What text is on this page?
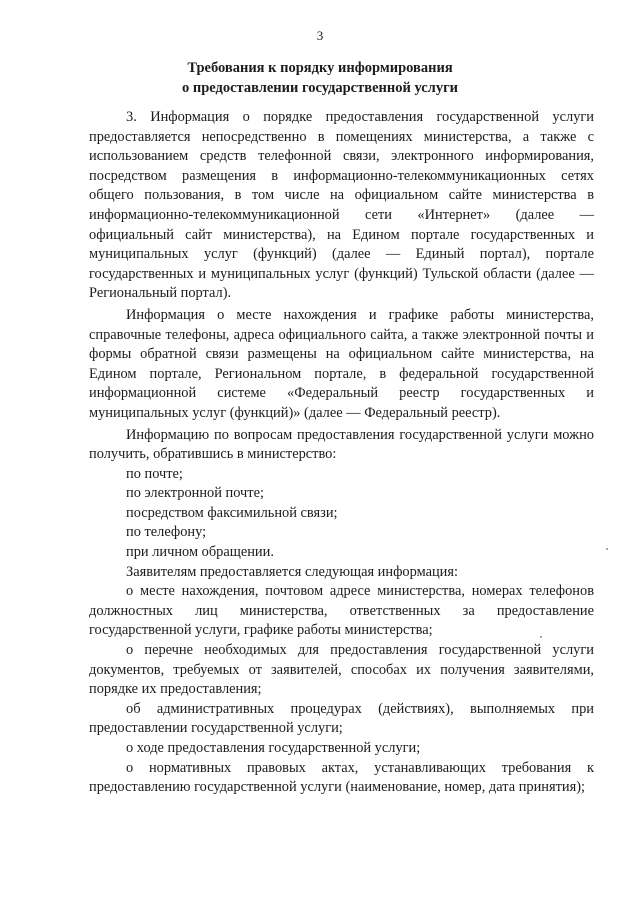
3
Требования к порядку информирования
о предоставлении государственной услуги

3. Информация о порядке предоставления государственной услуги предоставляется непосредственно в помещениях министерства, а также с использованием средств телефонной связи, электронного информирования, посредством размещения в информационно-телекоммуникационных сетях общего пользования, в том числе на официальном сайте министерства в информационно-телекоммуникационной сети «Интернет» (далее — официальный сайт министерства), на Едином портале государственных и муниципальных услуг (функций) (далее — Единый портал), портале государственных и муниципальных услуг (функций) Тульской области (далее — Региональный портал).

Информация о месте нахождения и графике работы министерства, справочные телефоны, адреса официального сайта, а также электронной почты и формы обратной связи размещены на официальном сайте министерства, на Едином портале, Региональном портале, в федеральной государственной информационной системе «Федеральный реестр государственных и муниципальных услуг (функций)» (далее — Федеральный реестр).

Информацию по вопросам предоставления государственной услуги можно получить, обратившись в министерство:

по почте;

по электронной почте;

посредством факсимильной связи;

по телефону;

при личном обращении.

Заявителям предоставляется следующая информация:

о месте нахождения, почтовом адресе министерства, номерах телефонов должностных лиц министерства, ответственных за предоставление государственной услуги, графике работы министерства;

о перечне необходимых для предоставления государственной услуги документов, требуемых от заявителей, способах их получения заявителями, порядке их предоставления;

об административных процедурах (действиях), выполняемых при предоставлении государственной услуги;

о ходе предоставления государственной услуги;

о нормативных правовых актах, устанавливающих требования к предоставлению государственной услуги (наименование, номер, дата принятия);
